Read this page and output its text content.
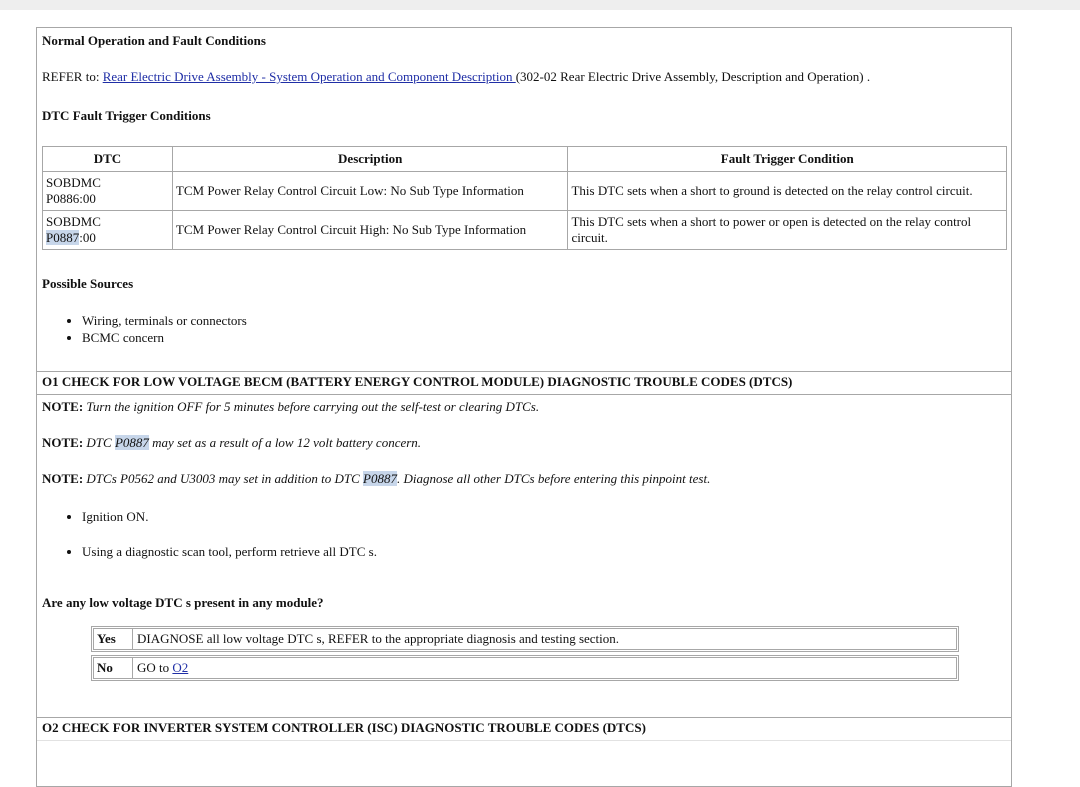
Normal Operation and Fault Conditions
REFER to: Rear Electric Drive Assembly - System Operation and Component Description (302-02 Rear Electric Drive Assembly, Description and Operation) .
DTC Fault Trigger Conditions
DTC	Description	Fault Trigger Condition
SOBDMC
P0886:00	TCM Power Relay Control Circuit Low: No Sub Type Information	This DTC sets when a short to ground is detected on the relay control circuit.
SOBDMC
P0887:00	TCM Power Relay Control Circuit High: No Sub Type Information	This DTC sets when a short to power or open is detected on the relay control circuit.
Possible Sources
• Wiring, terminals or connectors
• BCMC concern
O1 CHECK FOR LOW VOLTAGE BECM (BATTERY ENERGY CONTROL MODULE) DIAGNOSTIC TROUBLE CODES (DTCS)
NOTE: Turn the ignition OFF for 5 minutes before carrying out the self-test or clearing DTCs.
NOTE: DTC P0887 may set as a result of a low 12 volt battery concern.
NOTE: DTCs P0562 and U3003 may set in addition to DTC P0887. Diagnose all other DTCs before entering this pinpoint test.
• Ignition ON.
• Using a diagnostic scan tool, perform retrieve all DTC s.
Are any low voltage DTC s present in any module?
Yes	DIAGNOSE all low voltage DTC s, REFER to the appropriate diagnosis and testing section.
No	GO to O2
O2 CHECK FOR INVERTER SYSTEM CONTROLLER (ISC) DIAGNOSTIC TROUBLE CODES (DTCS)
